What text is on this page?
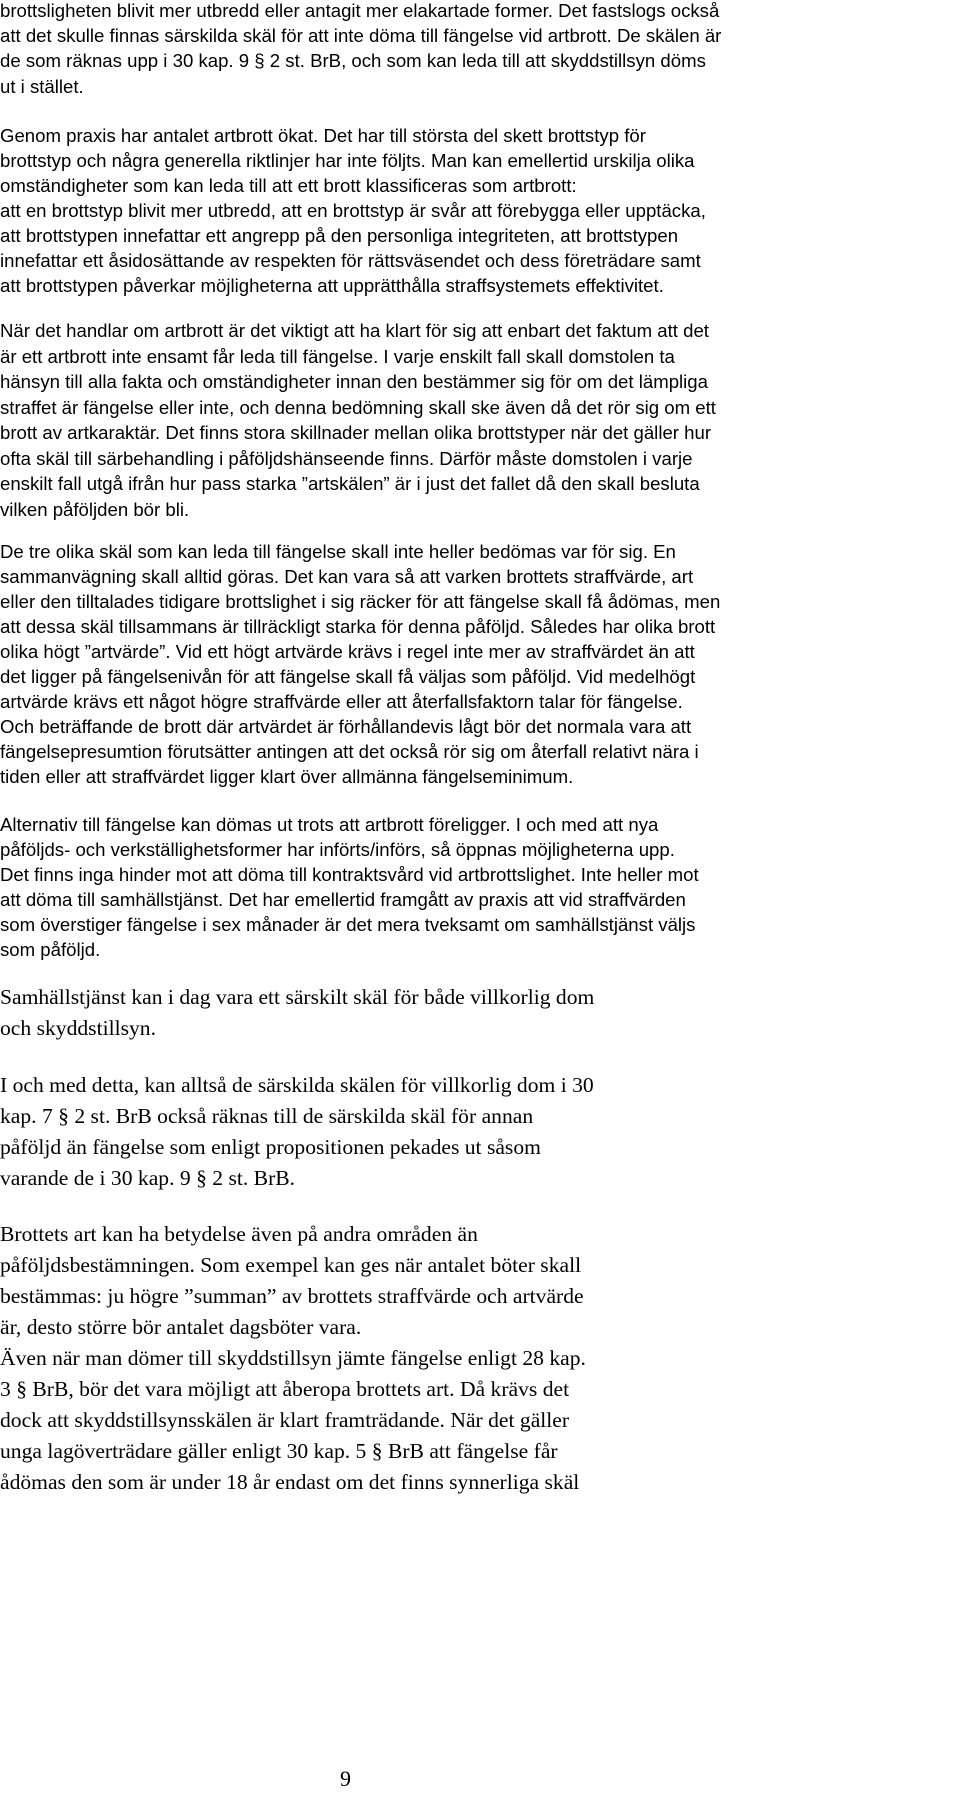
brottsligheten blivit mer utbredd eller antagit mer elakartade former. Det fastslogs också
att det skulle finnas särskilda skäl för att inte döma till fängelse vid artbrott. De skälen är
de som räknas upp i 30 kap. 9 § 2 st. BrB, och som kan leda till att skyddstillsyn döms
ut i stället.
Genom praxis har antalet artbrott ökat. Det har till största del skett brottstyp för
brottstyp och några generella riktlinjer har inte följts. Man kan emellertid urskilja olika
omständigheter som kan leda till att ett brott klassificeras som artbrott:
att en brottstyp blivit mer utbredd, att en brottstyp är svår att förebygga eller upptäcka,
att brottstypen innefattar ett angrepp på den personliga integriteten, att brottstypen
innefattar ett åsidosättande av respekten för rättsväsendet och dess företrädare samt
att brottstypen påverkar möjligheterna att upprätthålla straffsystemets effektivitet.
När det handlar om artbrott är det viktigt att ha klart för sig att enbart det faktum att det
är ett artbrott inte ensamt får leda till fängelse. I varje enskilt fall skall domstolen ta
hänsyn till alla fakta och omständigheter innan den bestämmer sig för om det lämpliga
straffet är fängelse eller inte, och denna bedömning skall ske även då det rör sig om ett
brott av artkaraktär. Det finns stora skillnader mellan olika brottstyper när det gäller hur
ofta skäl till särbehandling i påföljdshänseende finns. Därför måste domstolen i varje
enskilt fall utgå ifrån hur pass starka ”artskälen” är i just det fallet då den skall besluta
vilken påföljden bör bli.
De tre olika skäl som kan leda till fängelse skall inte heller bedömas var för sig. En
sammanvägning skall alltid göras. Det kan vara så att varken brottets straffvärde, art
eller den tilltalades tidigare brottslighet i sig räcker för att fängelse skall få ådömas, men
att dessa skäl tillsammans är tillräckligt starka för denna påföljd. Således har olika brott
olika högt ”artvärde”. Vid ett högt artvärde krävs i regel inte mer av straffvärdet än att
det ligger på fängelsenivån för att fängelse skall få väljas som påföljd. Vid medelhögt
artvärde krävs ett något högre straffvärde eller att återfallsfaktorn talar för fängelse.
Och beträffande de brott där artvärdet är förhållandevis lågt bör det normala vara att
fängelsepresumtion förutsätter antingen att det också rör sig om återfall relativt nära i
tiden eller att straffvärdet ligger klart över allmänna fängelseminimum.
Alternativ till fängelse kan dömas ut trots att artbrott föreligger. I och med att nya
påföljds- och verkställighetsformer har införts/införs, så öppnas möjligheterna upp.
Det finns inga hinder mot att döma till kontraktsvård vid artbrottslighet. Inte heller mot
att döma till samhällstjänst. Det har emellertid framgått av praxis att vid straffvärden
som överstiger fängelse i sex månader är det mera tveksamt om samhällstjänst väljs
som påföljd.
Samhällstjänst kan i dag vara ett särskilt skäl för både villkorlig dom
och skyddstillsyn.
I och med detta, kan alltså de särskilda skälen för villkorlig dom i 30
kap. 7 § 2 st. BrB också räknas till de särskilda skäl för annan
påföljd än fängelse som enligt propositionen pekades ut såsom
varande de i 30 kap. 9 § 2 st. BrB.
Brottets art kan ha betydelse även på andra områden än
påföljdsbestämningen. Som exempel kan ges när antalet böter skall
bestämmas: ju högre ”summan” av brottets straffvärde och artvärde
är, desto större bör antalet dagsböter vara.
Även när man dömer till skyddstillsyn jämte fängelse enligt 28 kap.
3 § BrB, bör det vara möjligt att åberopa brottets art. Då krävs det
dock att skyddstillsynsskälen är klart framträdande. När det gäller
unga lagöverträdare gäller enligt 30 kap. 5 § BrB att fängelse får
ådömas den som är under 18 år endast om det finns synnerliga skäl
9
